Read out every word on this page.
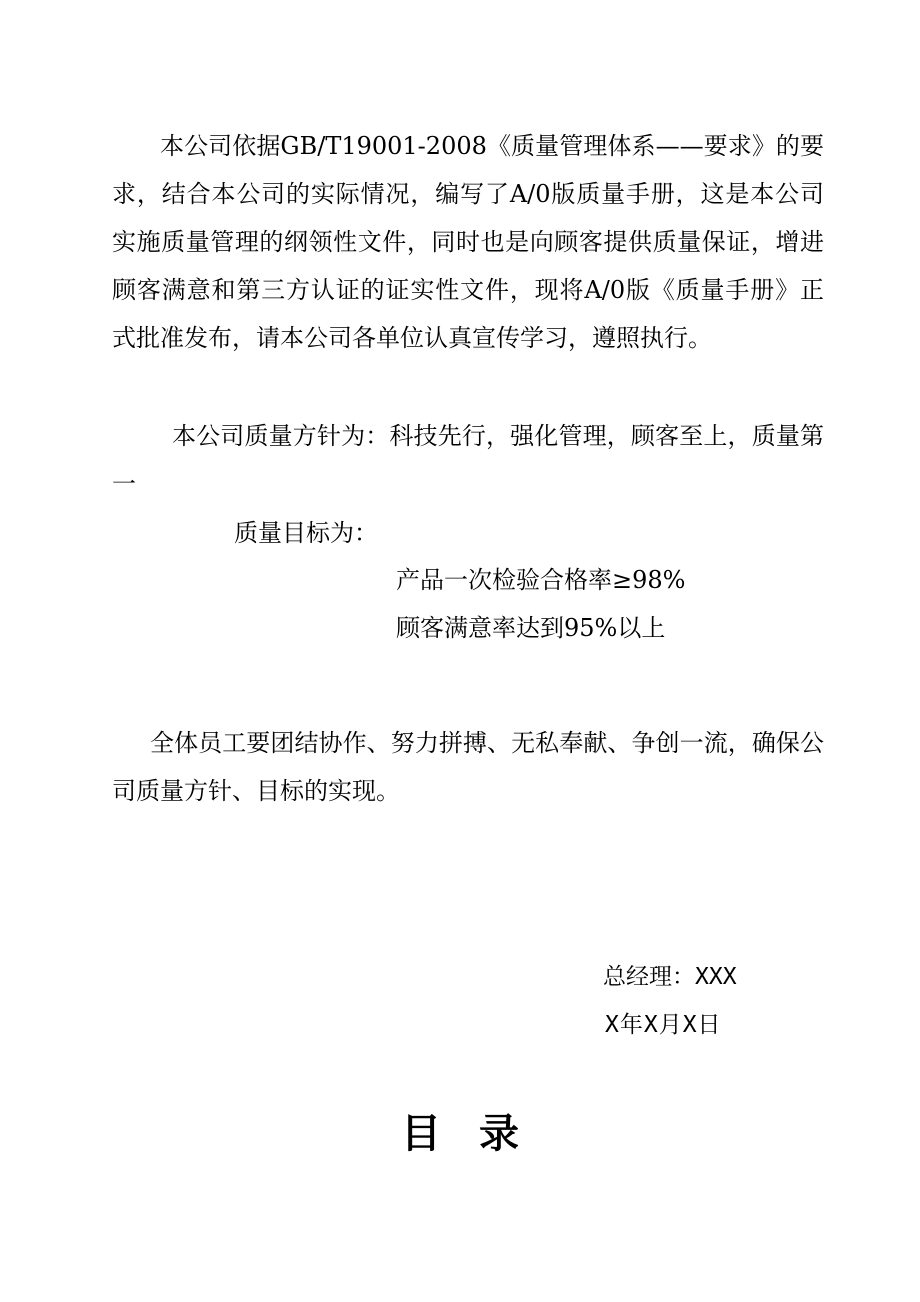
本公司依据GB/T19001-2008《质量管理体系——要求》的要求，结合本公司的实际情况，编写了A/0版质量手册，这是本公司实施质量管理的纲领性文件，同时也是向顾客提供质量保证，增进顾客满意和第三方认证的证实性文件，现将A/0版《质量手册》正式批准发布，请本公司各单位认真宣传学习，遵照执行。

本公司质量方针为：科技先行，强化管理，顾客至上，质量第一

质量目标为：

产品一次检验合格率≥98%

顾客满意率达到95%以上

全体员工要团结协作、努力拼搏、无私奉献、争创一流，确保公司质量方针、目标的实现。

总经理：XXX

X年X月X日

目录
